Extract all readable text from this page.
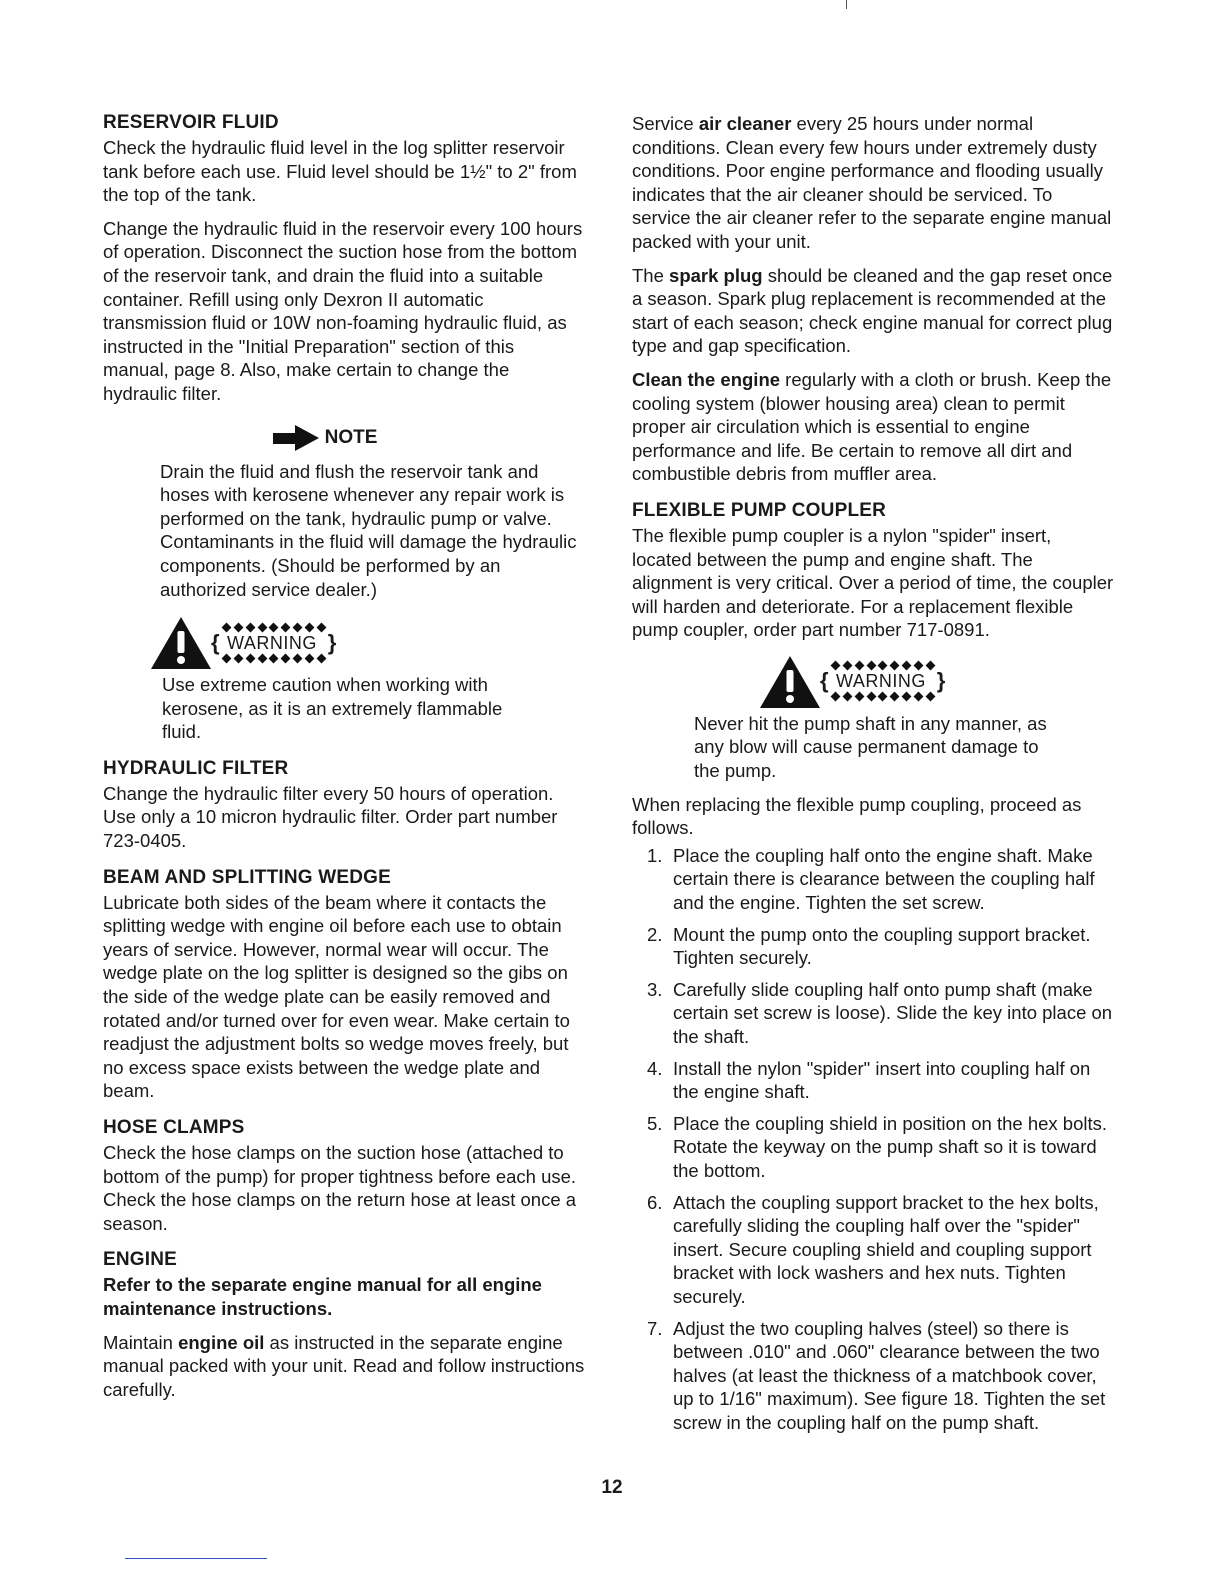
RESERVOIR FLUID

Check the hydraulic fluid level in the log splitter reservoir tank before each use. Fluid level should be 1½" to 2" from the top of the tank.

Change the hydraulic fluid in the reservoir every 100 hours of operation. Disconnect the suction hose from the bottom of the reservoir tank, and drain the fluid into a suitable container. Refill using only Dexron II automatic transmission fluid or 10W non-foaming hydraulic fluid, as instructed in the "Initial Preparation" section of this manual, page 8. Also, make certain to change the hydraulic filter.

NOTE

Drain the fluid and flush the reservoir tank and hoses with kerosene whenever any repair work is performed on the tank, hydraulic pump or valve. Contaminants in the fluid will damage the hydraulic components. (Should be performed by an authorized service dealer.)

{ WARNING }

Use extreme caution when working with kerosene, as it is an extremely flammable fluid.

HYDRAULIC FILTER

Change the hydraulic filter every 50 hours of operation. Use only a 10 micron hydraulic filter. Order part number 723-0405.

BEAM AND SPLITTING WEDGE

Lubricate both sides of the beam where it contacts the splitting wedge with engine oil before each use to obtain years of service. However, normal wear will occur. The wedge plate on the log splitter is designed so the gibs on the side of the wedge plate can be easily removed and rotated and/or turned over for even wear. Make certain to readjust the adjustment bolts so wedge moves freely, but no excess space exists between the wedge plate and beam.

HOSE CLAMPS

Check the hose clamps on the suction hose (attached to bottom of the pump) for proper tightness before each use. Check the hose clamps on the return hose at least once a season.

ENGINE

Refer to the separate engine manual for all engine maintenance instructions.

Maintain engine oil as instructed in the separate engine manual packed with your unit. Read and follow instructions carefully.

Service air cleaner every 25 hours under normal conditions. Clean every few hours under extremely dusty conditions. Poor engine performance and flooding usually indicates that the air cleaner should be serviced. To service the air cleaner refer to the separate engine manual packed with your unit.

The spark plug should be cleaned and the gap reset once a season. Spark plug replacement is recommended at the start of each season; check engine manual for correct plug type and gap specification.

Clean the engine regularly with a cloth or brush. Keep the cooling system (blower housing area) clean to permit proper air circulation which is essential to engine performance and life. Be certain to remove all dirt and combustible debris from muffler area.

FLEXIBLE PUMP COUPLER

The flexible pump coupler is a nylon "spider" insert, located between the pump and engine shaft. The alignment is very critical. Over a period of time, the coupler will harden and deteriorate. For a replacement flexible pump coupler, order part number 717-0891.

{ WARNING }

Never hit the pump shaft in any manner, as any blow will cause permanent damage to the pump.

When replacing the flexible pump coupling, proceed as follows.

1. Place the coupling half onto the engine shaft. Make certain there is clearance between the coupling half and the engine. Tighten the set screw.
2. Mount the pump onto the coupling support bracket. Tighten securely.
3. Carefully slide coupling half onto pump shaft (make certain set screw is loose). Slide the key into place on the shaft.
4. Install the nylon "spider" insert into coupling half on the engine shaft.
5. Place the coupling shield in position on the hex bolts. Rotate the keyway on the pump shaft so it is toward the bottom.
6. Attach the coupling support bracket to the hex bolts, carefully sliding the coupling half over the "spider" insert. Secure coupling shield and coupling support bracket with lock washers and hex nuts. Tighten securely.
7. Adjust the two coupling halves (steel) so there is between .010" and .060" clearance between the two halves (at least the thickness of a matchbook cover, up to 1/16" maximum). See figure 18. Tighten the set screw in the coupling half on the pump shaft.
12
